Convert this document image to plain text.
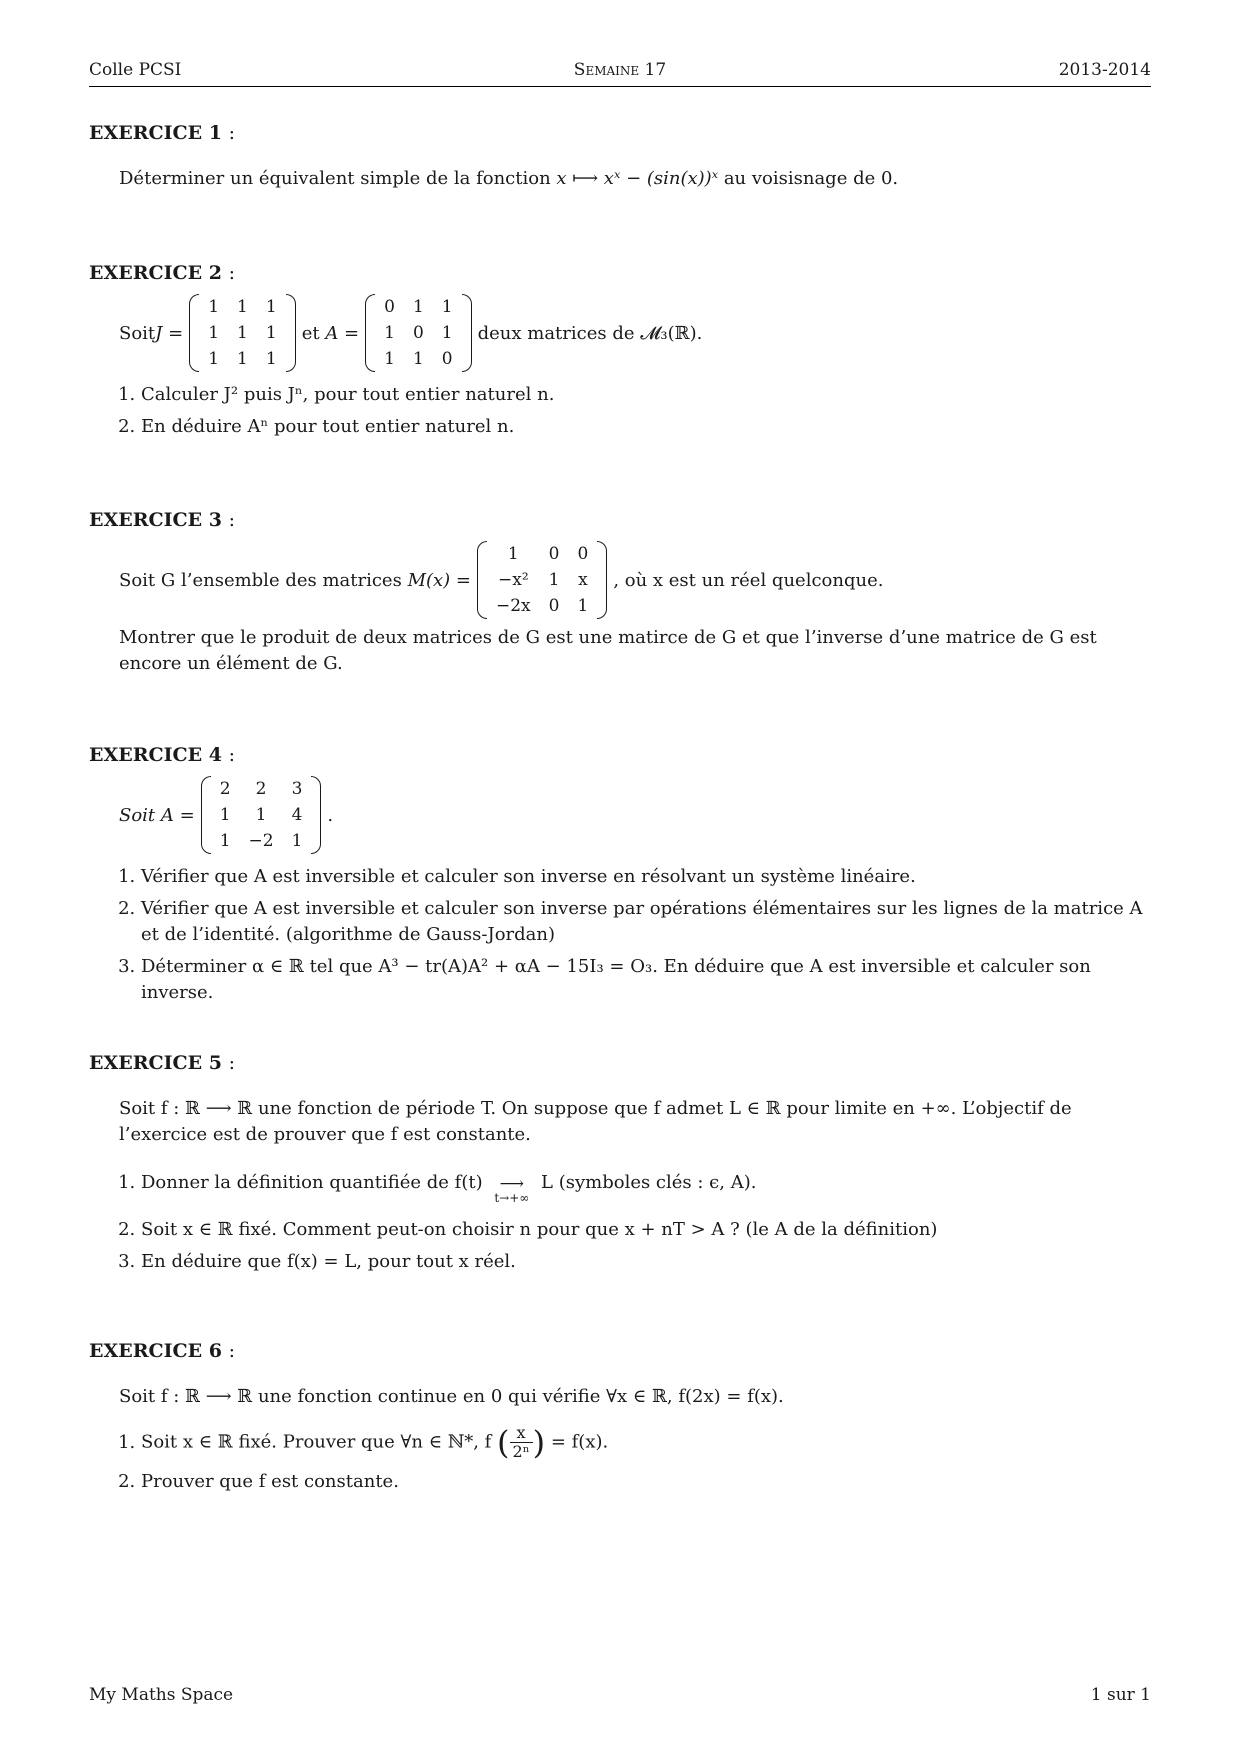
Colle PCSI	Semaine 17	2013-2014
EXERCICE 1 :
Déterminer un équivalent simple de la fonction x ⟼ xˣ − (sin(x))ˣ au voisisnage de 0.
EXERCICE 2 :
Soit J =
1	1	1
1	1	1
1	1	1
et
A =
0	1	1
1	0	1
1	1	0
deux matrices de 𝓜₃(ℝ).
1. Calculer J² puis Jⁿ, pour tout entier naturel n.
2. En déduire Aⁿ pour tout entier naturel n.
EXERCICE 3 :
Soit G l’ensemble des matrices
M(x) =
1	0	0
−x²	1	x
−2x	0	1
, où x est un réel quelconque.
Montrer que le produit de deux matrices de G est une matirce de G et que l’inverse d’une matrice de G est encore un élément de G.
EXERCICE 4 :
Soit A =
2	2	3
1	1	4
1	−2	1
.
1. Vérifier que A est inversible et calculer son inverse en résolvant un système linéaire.
2. Vérifier que A est inversible et calculer son inverse par opérations élémentaires sur les lignes de la matrice A et de l’identité. (algorithme de Gauss-Jordan)
3. Déterminer α ∈ ℝ tel que A³ − tr(A)A² + αA − 15I₃ = O₃. En déduire que A est inversible et calculer son inverse.
EXERCICE 5 :
Soit f : ℝ ⟶ ℝ une fonction de période T. On suppose que f admet L ∈ ℝ pour limite en +∞. L’objectif de l’exercice est de prouver que f est constante.
1. Donner la définition quantifiée de f(t)	⟶
t→+∞
L (symboles clés : ϵ, A).
2. Soit x ∈ ℝ fixé. Comment peut-on choisir n pour que x + nT > A ? (le A de la définition)
3. En déduire que f(x) = L, pour tout x réel.
EXERCICE 6 :
Soit f : ℝ ⟶ ℝ une fonction continue en 0 qui vérifie ∀x ∈ ℝ, f(2x) = f(x).
1. Soit x ∈ ℝ fixé. Prouver que ∀n ∈ ℕ*, f ( $\frac{x}{\text{2ⁿ}}$ ) = f(x).
2. Prouver que f est constante.
My Maths Space	1 sur 1
